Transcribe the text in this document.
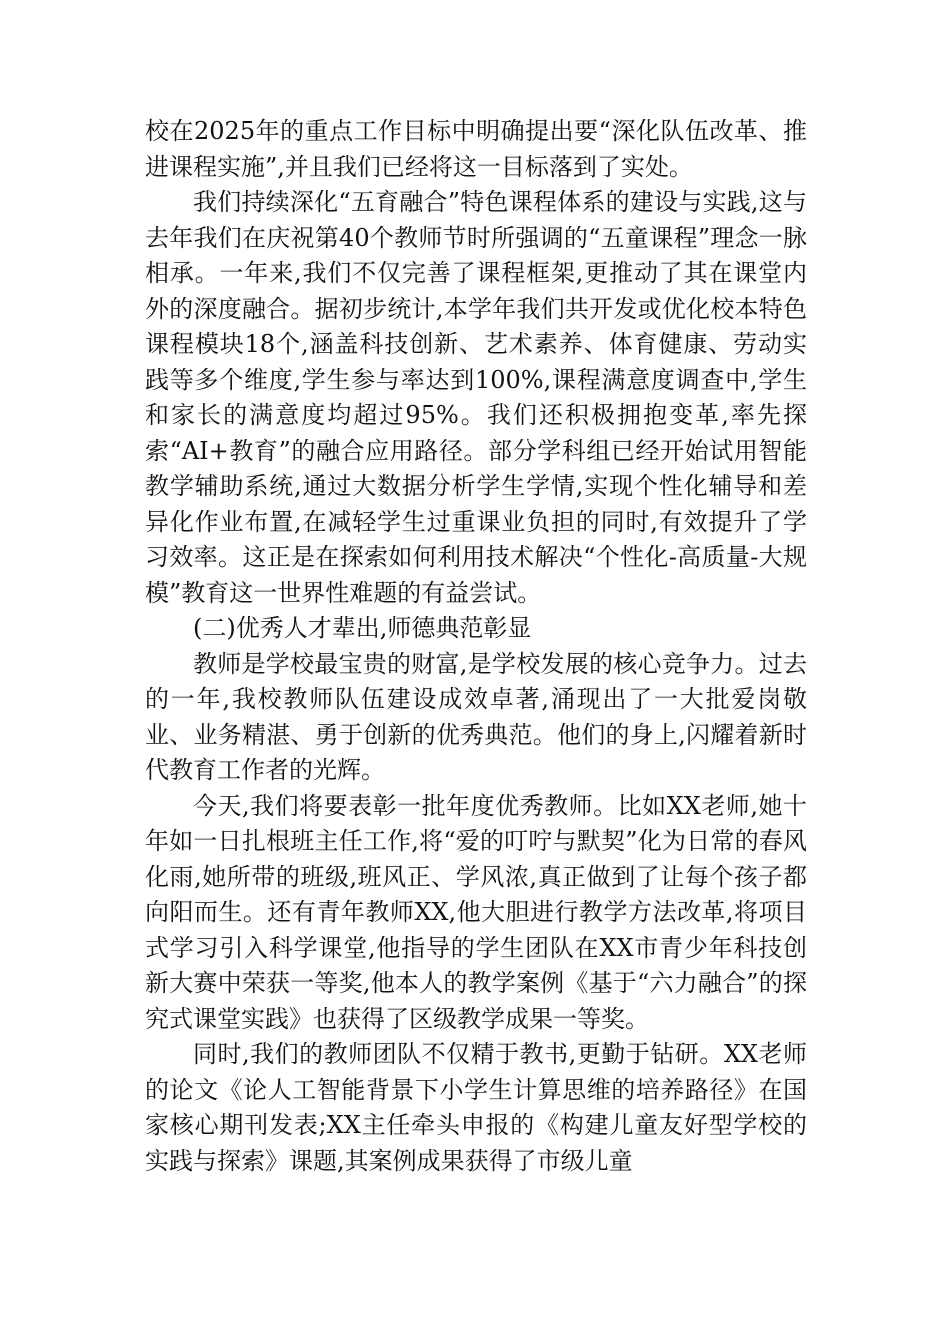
校在2025年的重点工作目标中明确提出要“深化队伍改革、推进课程实施”,并且我们已经将这一目标落到了实处。

我们持续深化“五育融合”特色课程体系的建设与实践,这与去年我们在庆祝第40个教师节时所强调的“五童课程”理念一脉相承。一年来,我们不仅完善了课程框架,更推动了其在课堂内外的深度融合。据初步统计,本学年我们共开发或优化校本特色课程模块18个,涵盖科技创新、艺术素养、体育健康、劳动实践等多个维度,学生参与率达到100%,课程满意度调查中,学生和家长的满意度均超过95%。我们还积极拥抱变革,率先探索“AI+教育”的融合应用路径。部分学科组已经开始试用智能教学辅助系统,通过大数据分析学生学情,实现个性化辅导和差异化作业布置,在减轻学生过重课业负担的同时,有效提升了学习效率。这正是在探索如何利用技术解决“个性化-高质量-大规模”教育这一世界性难题的有益尝试。

(二)优秀人才辈出,师德典范彰显

教师是学校最宝贵的财富,是学校发展的核心竞争力。过去的一年,我校教师队伍建设成效卓著,涌现出了一大批爱岗敬业、业务精湛、勇于创新的优秀典范。他们的身上,闪耀着新时代教育工作者的光辉。

今天,我们将要表彰一批年度优秀教师。比如XX老师,她十年如一日扎根班主任工作,将“爱的叮咛与默契”化为日常的春风化雨,她所带的班级,班风正、学风浓,真正做到了让每个孩子都向阳而生。还有青年教师XX,他大胆进行教学方法改革,将项目式学习引入科学课堂,他指导的学生团队在XX市青少年科技创新大赛中荣获一等奖,他本人的教学案例《基于“六力融合”的探究式课堂实践》也获得了区级教学成果一等奖。

同时,我们的教师团队不仅精于教书,更勤于钻研。XX老师的论文《论人工智能背景下小学生计算思维的培养路径》在国家核心期刊发表;XX主任牵头申报的《构建儿童友好型学校的实践与探索》课题,其案例成果获得了市级儿童
